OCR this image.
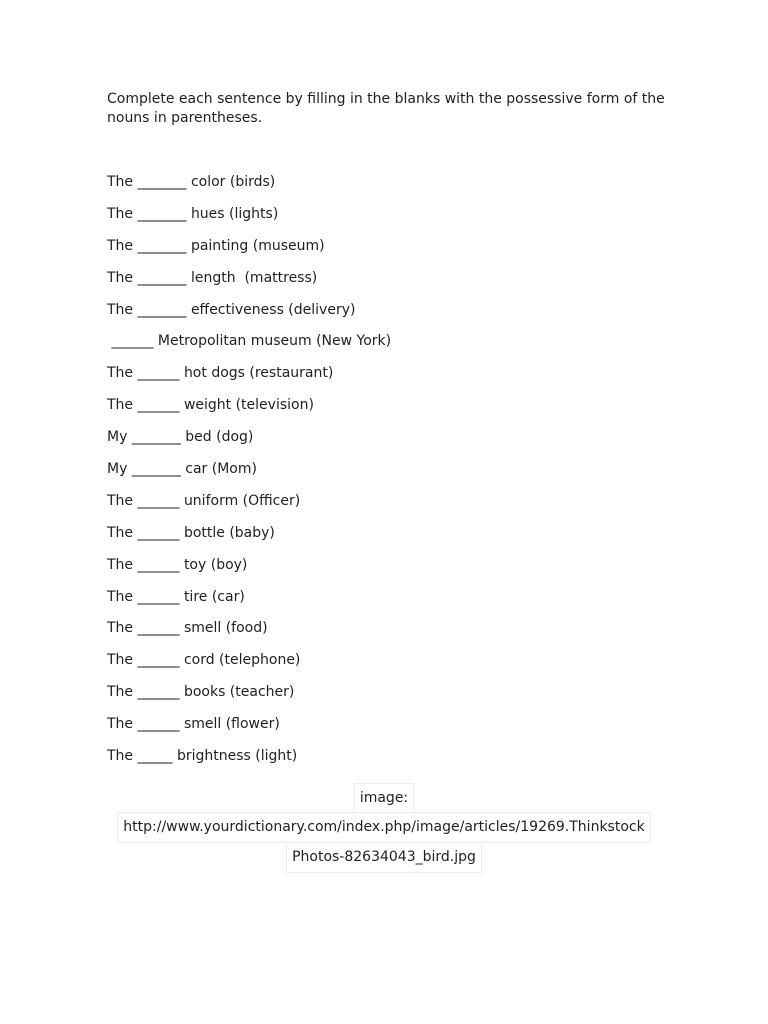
Complete each sentence by filling in the blanks with the possessive form of the nouns in parentheses.

The _______ color (birds)
The _______ hues (lights)
The _______ painting (museum)
The _______ length  (mattress)
The _______ effectiveness (delivery)
______ Metropolitan museum (New York)
The ______ hot dogs (restaurant)
The ______ weight (television)
My _______ bed (dog)
My _______ car (Mom)
The ______ uniform (Officer)
The ______ bottle (baby)
The ______ toy (boy)
The ______ tire (car)
The ______ smell (food)
The ______ cord (telephone)
The ______ books (teacher)
The ______ smell (flower)
The _____ brightness (light)
image:
http://www.yourdictionary.com/index.php/image/articles/19269.Thinkstock
Photos-82634043_bird.jpg
